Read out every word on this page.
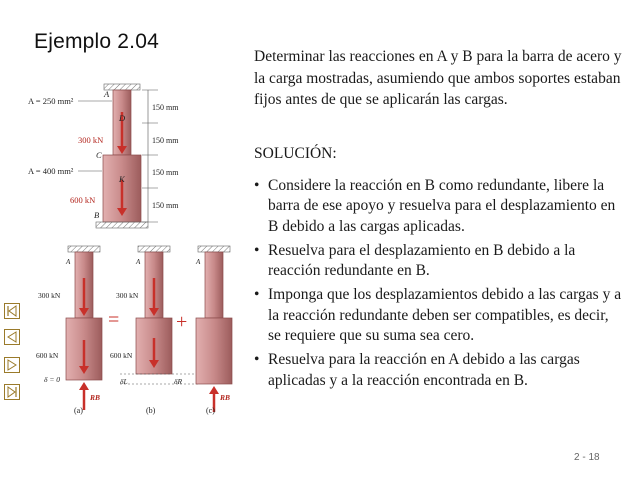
Ejemplo 2.04
Determinar las reacciones en A y B para la barra de acero y la carga mostradas, asumiendo que ambos soportes estaban fijos antes de que se aplicarán las cargas.
SOLUCIÓN:
• Considere la reacción en B como redundante, libere la barra de ese apoyo y resuelva para el desplazamiento en B debido a las cargas aplicadas.
• Resuelva para el desplazamiento en B debido a la reacción redundante en B.
• Imponga que los desplazamientos debido a las cargas y a la reacción redundante deben ser compatibles, es decir, se requiere que su suma sea cero.
• Resuelva para la reacción en A debido a las cargas aplicadas y a la reacción encontrada en B.
2 - 18
A = 250 mm²
A = 400 mm²
300 kN
600 kN
A
D
C
K
B
150 mm
150 mm
150 mm
150 mm
A
300 kN
600 kN
δ = 0
RB
(a)
=
A
300 kN
600 kN
δL	δR
(b)
+
A
RB
(c)
